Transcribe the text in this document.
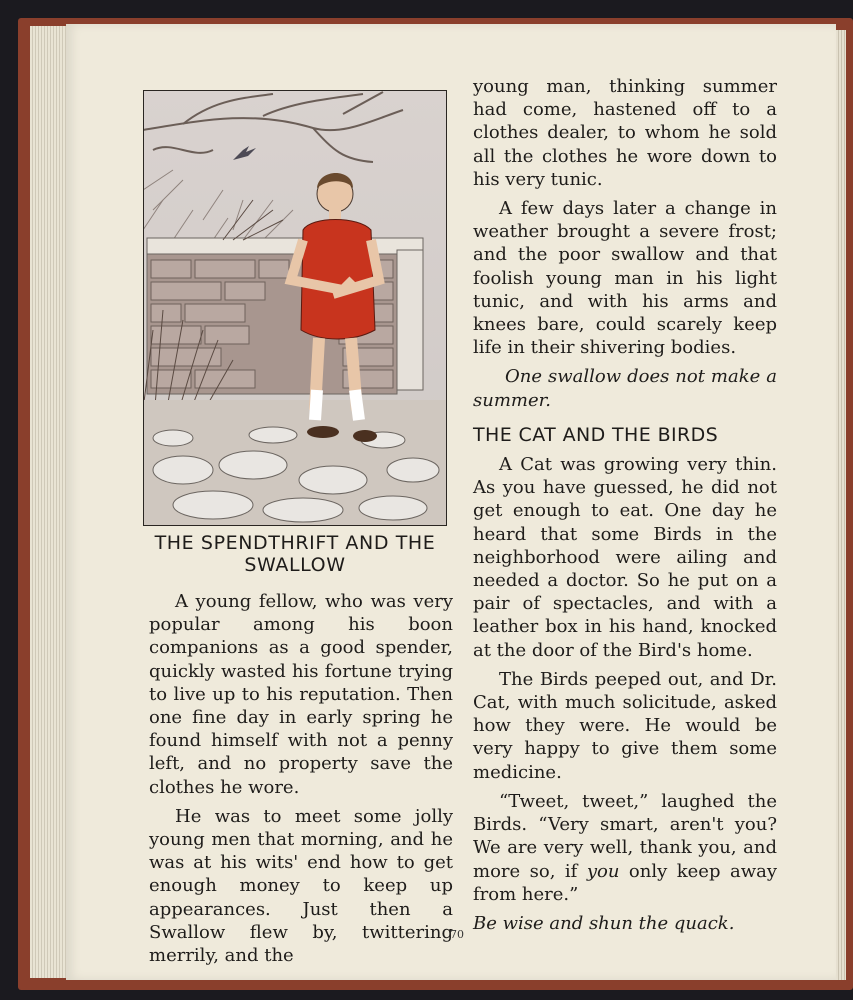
THE SPENDTHRIFT AND THE SWALLOW

A young fellow, who was very popular among his boon companions as a good spender, quickly wasted his fortune trying to live up to his reputation. Then one fine day in early spring he found himself with not a penny left, and no property save the clothes he wore.

He was to meet some jolly young men that morning, and he was at his wits' end how to get enough money to keep up appearances. Just then a Swallow flew by, twittering merrily, and the

young man, thinking summer had come, hastened off to a clothes dealer, to whom he sold all the clothes he wore down to his very tunic.

A few days later a change in weather brought a severe frost; and the poor swallow and that foolish young man in his light tunic, and with his arms and knees bare, could scarely keep life in their shivering bodies.

One swallow does not make a summer.

THE CAT AND THE BIRDS

A Cat was growing very thin. As you have guessed, he did not get enough to eat. One day he heard that some Birds in the neighborhood were ailing and needed a doctor. So he put on a pair of spectacles, and with a leather box in his hand, knocked at the door of the Bird's home.

The Birds peeped out, and Dr. Cat, with much solicitude, asked how they were. He would be very happy to give them some medicine.

“Tweet, tweet,” laughed the Birds. “Very smart, aren't you? We are very well, thank you, and more so, if you only keep away from here.”

Be wise and shun the quack.

70
